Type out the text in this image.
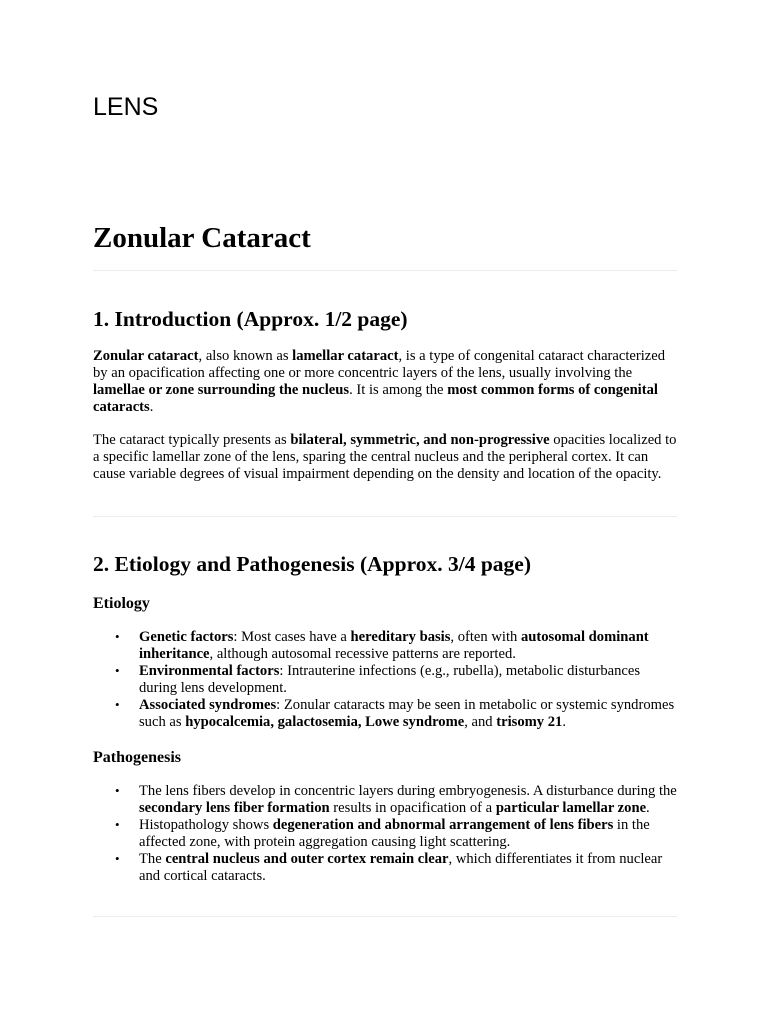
LENS
Zonular Cataract
1. Introduction (Approx. 1/2 page)

Zonular cataract, also known as lamellar cataract, is a type of congenital cataract characterized by an opacification affecting one or more concentric layers of the lens, usually involving the lamellae or zone surrounding the nucleus. It is among the most common forms of congenital cataracts.

The cataract typically presents as bilateral, symmetric, and non-progressive opacities localized to a specific lamellar zone of the lens, sparing the central nucleus and the peripheral cortex. It can cause variable degrees of visual impairment depending on the density and location of the opacity.

2. Etiology and Pathogenesis (Approx. 3/4 page)
Etiology
• Genetic factors: Most cases have a hereditary basis, often with autosomal dominant inheritance, although autosomal recessive patterns are reported.
• Environmental factors: Intrauterine infections (e.g., rubella), metabolic disturbances during lens development.
• Associated syndromes: Zonular cataracts may be seen in metabolic or systemic syndromes such as hypocalcemia, galactosemia, Lowe syndrome, and trisomy 21.
Pathogenesis
• The lens fibers develop in concentric layers during embryogenesis. A disturbance during the secondary lens fiber formation results in opacification of a particular lamellar zone.
• Histopathology shows degeneration and abnormal arrangement of lens fibers in the affected zone, with protein aggregation causing light scattering.
• The central nucleus and outer cortex remain clear, which differentiates it from nuclear and cortical cataracts.
